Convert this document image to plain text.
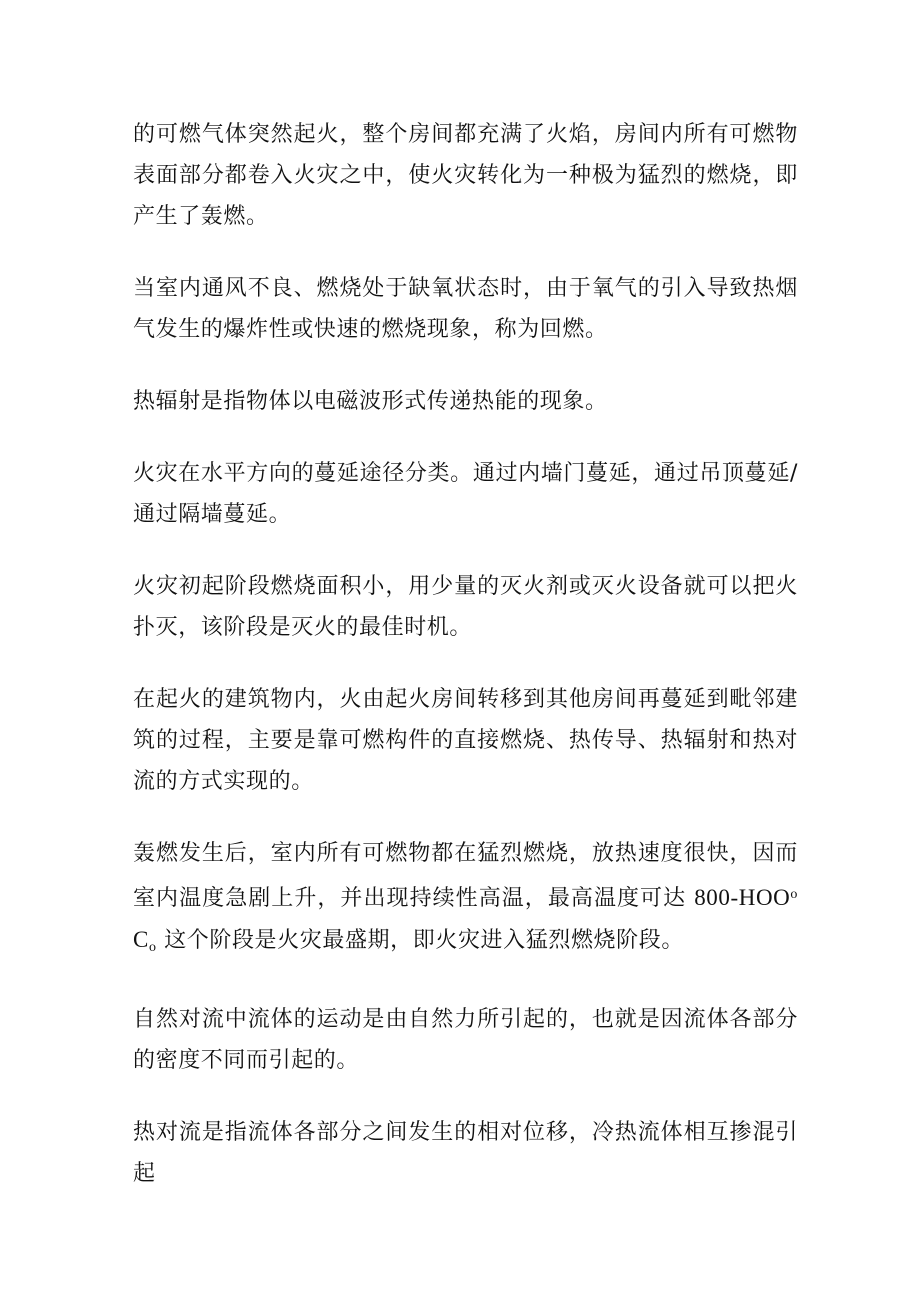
的可燃气体突然起火，整个房间都充满了火焰，房间内所有可燃物表面部分都卷入火灾之中，使火灾转化为一种极为猛烈的燃烧，即产生了轰燃。

当室内通风不良、燃烧处于缺氧状态时，由于氧气的引入导致热烟气发生的爆炸性或快速的燃烧现象，称为回燃。

热辐射是指物体以电磁波形式传递热能的现象。

火灾在水平方向的蔓延途径分类。通过内墙门蔓延，通过吊顶蔓延/通过隔墙蔓延。

火灾初起阶段燃烧面积小，用少量的灭火剂或灭火设备就可以把火扑灭，该阶段是灭火的最佳时机。

在起火的建筑物内，火由起火房间转移到其他房间再蔓延到毗邻建筑的过程，主要是靠可燃构件的直接燃烧、热传导、热辐射和热对流的方式实现的。

轰燃发生后，室内所有可燃物都在猛烈燃烧，放热速度很快，因而室内温度急剧上升，并出现持续性高温，最高温度可达 $800-HOO^oC_o$ 这个阶段是火灾最盛期，即火灾进入猛烈燃烧阶段。

自然对流中流体的运动是由自然力所引起的，也就是因流体各部分的密度不同而引起的。

热对流是指流体各部分之间发生的相对位移，冷热流体相互掺混引起
